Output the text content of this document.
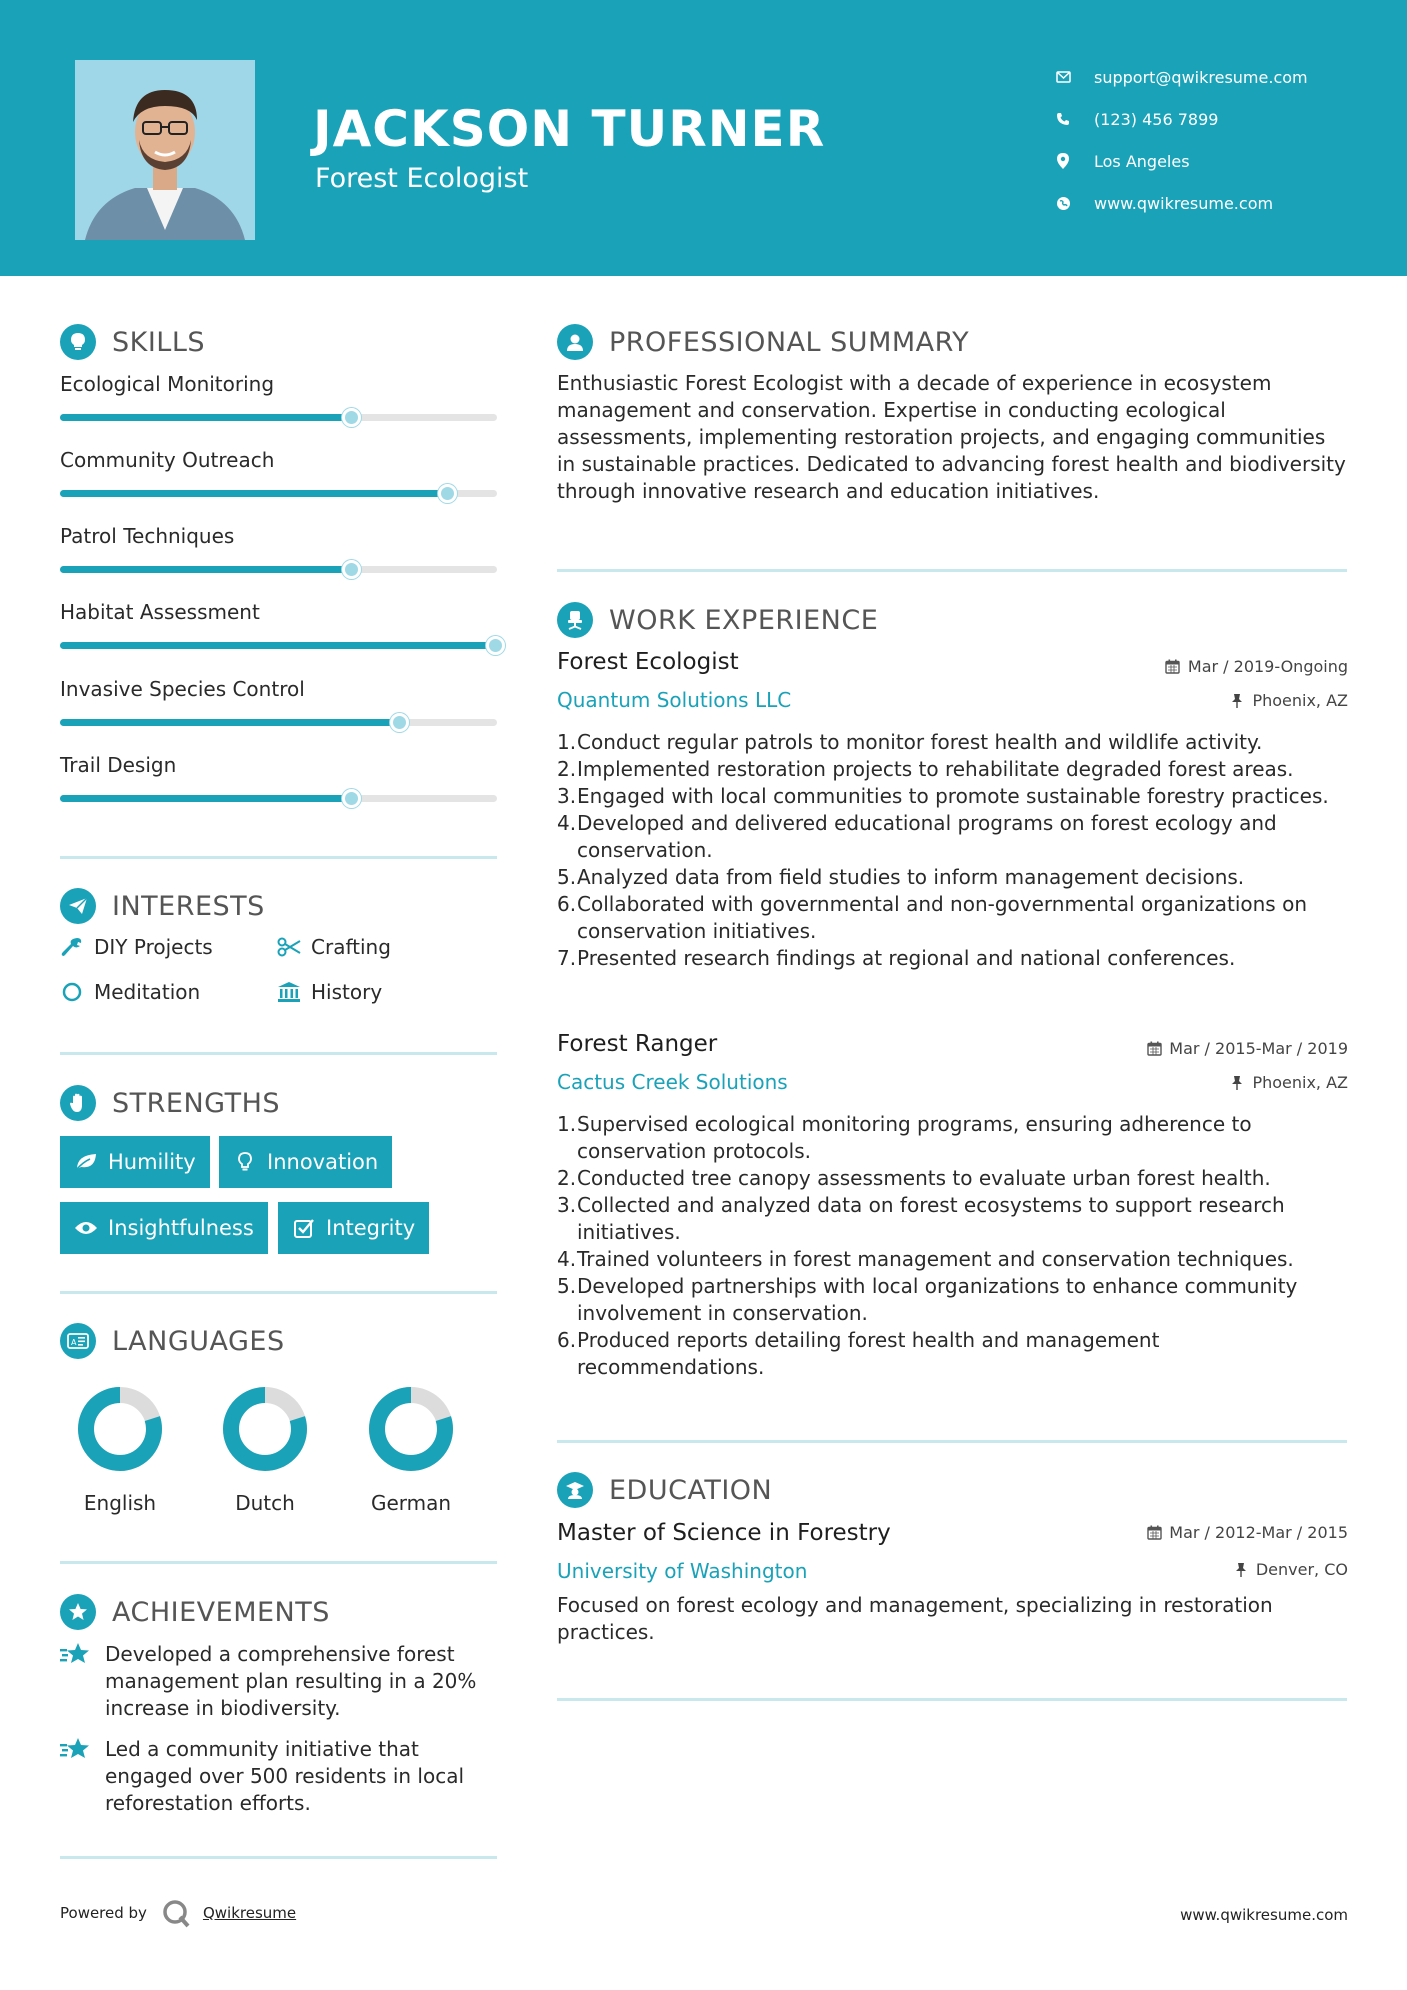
JACKSON TURNER
Forest Ecologist
support@qwikresume.com
(123) 456 7899
Los Angeles
www.qwikresume.com
SKILLS
Ecological Monitoring
Community Outreach
Patrol Techniques
Habitat Assessment
Invasive Species Control
Trail Design
INTERESTS
DIY Projects	Crafting
Meditation	History
STRENGTHS
Humility	Innovation
Insightfulness	Integrity
A LANGUAGES
English	Dutch	German
ACHIEVEMENTS
Developed a comprehensive forest management plan resulting in a 20% increase in biodiversity.
Led a community initiative that engaged over 500 residents in local reforestation efforts.
PROFESSIONAL SUMMARY
Enthusiastic Forest Ecologist with a decade of experience in ecosystem management and conservation. Expertise in conducting ecological assessments, implementing restoration projects, and engaging communities in sustainable practices. Dedicated to advancing forest health and biodiversity through innovative research and education initiatives.
WORK EXPERIENCE
Forest Ecologist	Mar / 2019-Ongoing
Quantum Solutions LLC	Phoenix, AZ
1. Conduct regular patrols to monitor forest health and wildlife activity.
2. Implemented restoration projects to rehabilitate degraded forest areas.
3. Engaged with local communities to promote sustainable forestry practices.
4. Developed and delivered educational programs on forest ecology and conservation.
5. Analyzed data from field studies to inform management decisions.
6. Collaborated with governmental and non-governmental organizations on conservation initiatives.
7. Presented research findings at regional and national conferences.
Forest Ranger	Mar / 2015-Mar / 2019
Cactus Creek Solutions	Phoenix, AZ
1. Supervised ecological monitoring programs, ensuring adherence to conservation protocols.
2. Conducted tree canopy assessments to evaluate urban forest health.
3. Collected and analyzed data on forest ecosystems to support research initiatives.
4. Trained volunteers in forest management and conservation techniques.
5. Developed partnerships with local organizations to enhance community involvement in conservation.
6. Produced reports detailing forest health and management recommendations.
EDUCATION
Master of Science in Forestry	Mar / 2012-Mar / 2015
University of Washington	Denver, CO
Focused on forest ecology and management, specializing in restoration practices.
Powered by	Qwikresume	www.qwikresume.com
